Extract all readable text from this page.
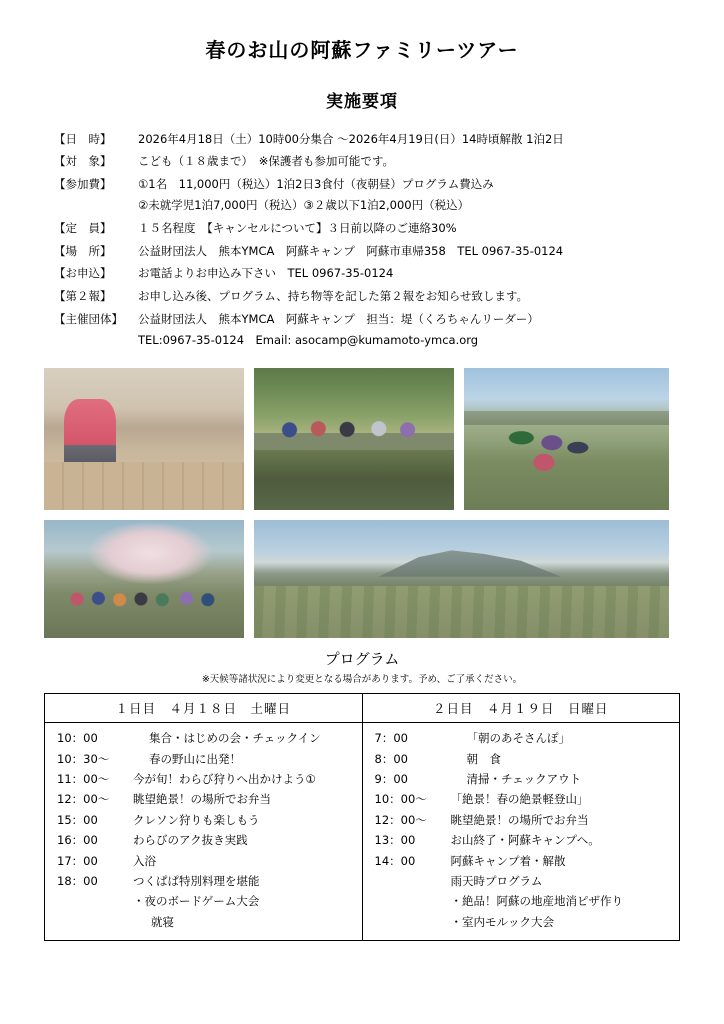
春のお山の阿蘇ファミリーツアー
実施要項
【日　時】	2026年4月18日（土）10時00分集合 ～2026年4月19日(日）14時頃解散 1泊2日
【対　象】	こども（１８歳まで）　※保護者も参加可能です。
【参加費】	①1名　11,000円（税込）1泊2日3食付（夜朝昼）プログラム費込み
②未就学児1泊7,000円（税込）③２歳以下1泊2,000円（税込）

【定　員】	１５名程度　【キャンセルについて】３日前以降のご連絡30%
【場　所】	公益財団法人　熊本YMCA　阿蘇キャンプ　阿蘇市車帰358　TEL 0967-35-0124
【お申込】	お電話よりお申込み下さい　TEL 0967-35-0124
【第２報】	お申し込み後、プログラム、持ち物等を記した第２報をお知らせ致します。
【主催団体】	公益財団法人　熊本YMCA　阿蘇キャンプ　担当：堤（くろちゃんリーダー）
TEL:0967-35-0124　Email: asocamp@kumamoto-ymca.org
プログラム
※天候等諸状況により変更となる場合があります。予め、ご了承ください。
１日目　４月１８日　土曜日	２日目　４月１９日　日曜日

10：00	集合・はじめの会・チェックイン
10：30～	春の野山に出発！
11：00～	今が旬！わらび狩りへ出かけよう①
12：00～	眺望絶景！の場所でお弁当
15：00	クレソン狩りも楽しもう
16：00	わらびのアク抜き実践
17：00	入浴
18：00	つくぱぱ特別料理を堪能
・夜のボードゲーム大会
就寝

7：00	「朝のあそさんぽ」
8：00	朝　食
9：00	清掃・チェックアウト
10：00～	「絶景！春の絶景軽登山」
12：00～	眺望絶景！の場所でお弁当
13：00	お山終了・阿蘇キャンプへ。
14：00	阿蘇キャンプ着・解散
雨天時プログラム
・絶品！阿蘇の地産地消ピザ作り
・室内モルック大会
